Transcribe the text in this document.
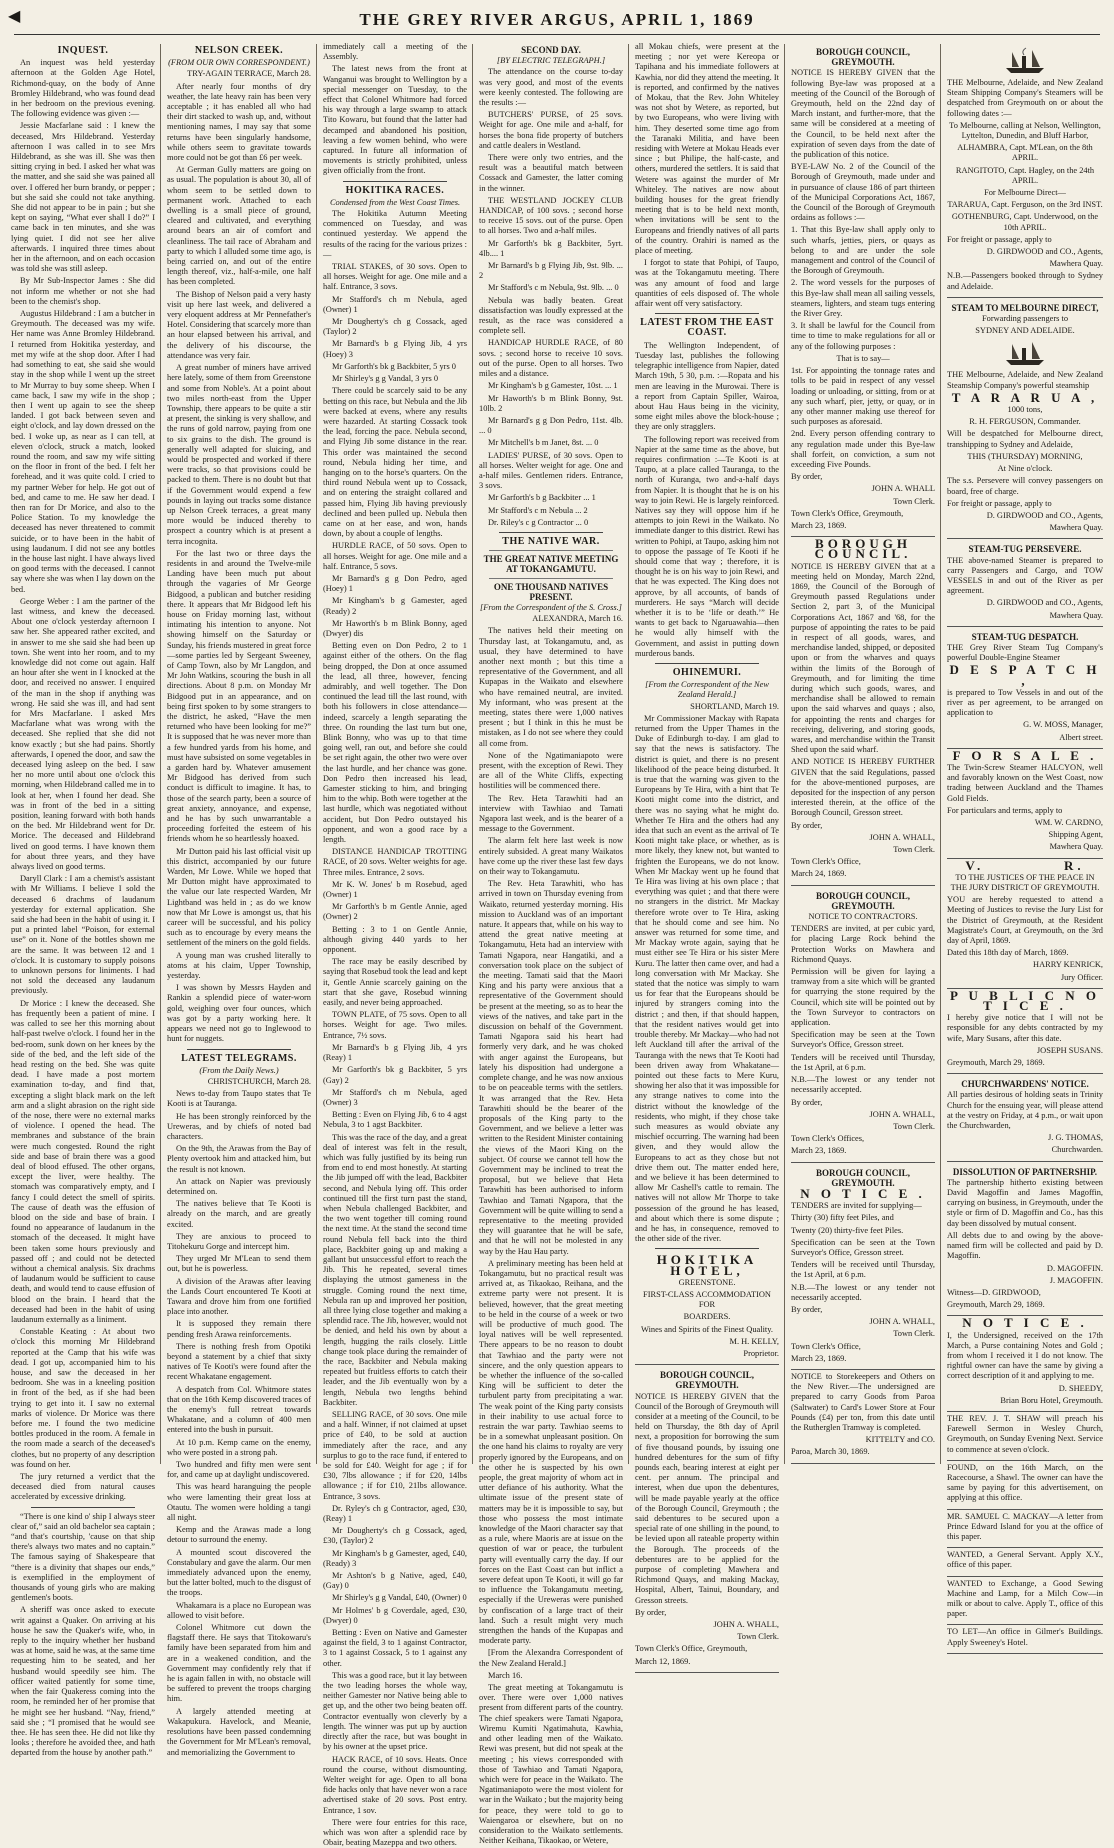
◀	THE GREY RIVER ARGUS, APRIL 1, 1869
INQUEST.

An inquest was held yesterday afternoon at the Golden Age Hotel, Richmond-quay, on the body of Anne Bromley Hildebrand, who was found dead in her bedroom on the previous evening. The following evidence was given :—

Jessie Macfarlane said : I knew the deceased, Mrs Hildebrand. Yesterday afternoon I was called in to see Mrs Hildebrand, as she was ill. She was then sitting crying in bed. I asked her what was the matter, and she said she was pained all over. I offered her burn brandy, or pepper ; but she said she could not take anything. She did not appear to be in pain ; but she kept on saying, “What ever shall I do?” I came back in ten minutes, and she was lying quiet. I did not see her alive afterwards. I inquired three times about her in the afternoon, and on each occasion was told she was still asleep.

By Mr Sub-Inspector James : She did not inform me whether or not she had been to the chemist's shop.

Augustus Hildebrand : I am a butcher in Greymouth. The deceased was my wife. Her name was Anne Bromley Hildebrand. I returned from Hokitika yesterday, and met my wife at the shop door. After I had had something to eat, she said she would stay in the shop while I went up the street to Mr Murray to buy some sheep. When I came back, I saw my wife in the shop ; then I went up again to see the sheep landed. I got back between seven and eight o'clock, and lay down dressed on the bed. I woke up, as near as I can tell, at eleven o'clock, struck a match, looked round the room, and saw my wife sitting on the floor in front of the bed. I felt her forehead, and it was quite cold. I cried to my partner Weber for help. He got out of bed, and came to me. He saw her dead. I then ran for Dr Morice, and also to the Police Station. To my knowledge the deceased has never threatened to commit suicide, or to have been in the habit of using laudanum. I did not see any bottles in the house last night. I have always lived on good terms with the deceased. I cannot say where she was when I lay down on the bed.

George Weber : I am the partner of the last witness, and knew the deceased. About one o'clock yesterday afternoon I saw her. She appeared rather excited, and in answer to me she said she had been up town. She went into her room, and to my knowledge did not come out again. Half an hour after she went in I knocked at the door, and received no answer. I enquired of the man in the shop if anything was wrong. He said she was ill, and had sent for Mrs Macfarlane. I asked Mrs Macfarlane what was wrong with the deceased. She replied that she did not know exactly ; but she had pains. Shortly afterwards, I opened the door, and saw the deceased lying asleep on the bed. I saw her no more until about one o'clock this morning, when Hildebrand called me in to look at her, when I found her dead. She was in front of the bed in a sitting position, leaning forward with both hands on the bed. Mr Hildebrand went for Dr. Morice. The deceased and Hildebrand lived on good terms. I have known them for about three years, and they have always lived on good terms.

Daryll Clark : I am a chemist's assistant with Mr Williams. I believe I sold the deceased 6 drachms of laudanum yesterday for external application. She said she had been in the habit of using it. I put a printed label “Poison, for external use” on it. None of the bottles shown me are the same. It was between 12 and 1 o'clock. It is customary to supply poisons to unknown persons for liniments. I had not sold the deceased any laudanum previously.

Dr Morice : I knew the deceased. She has frequently been a patient of mine. I was called to see her this morning about half-past twelve o'clock. I found her in the bed-room, sunk down on her knees by the side of the bed, and the left side of the head resting on the bed. She was quite dead. I have made a post mortem examination to-day, and find that, excepting a slight black mark on the left arm and a slight abrasion on the right side of the nose, there were no external marks of violence. I opened the head. The membranes and substance of the brain were much congested. Round the right side and base of brain there was a good deal of blood effused. The other organs, except the liver, were healthy. The stomach was comparatively empty, and I fancy I could detect the smell of spirits. The cause of death was the effusion of blood on the side and base of brain. I found no appearance of laudanum in the stomach of the deceased. It might have been taken some hours previously and passed off ; and could not be detected without a chemical analysis. Six drachms of laudanum would be sufficient to cause death, and would tend to cause effusion of blood on the brain. I heard that the deceased had been in the habit of using laudanum externally as a liniment.

Constable Keating : At about two o'clock this morning Mr Hildebrand reported at the Camp that his wife was dead. I got up, accompanied him to his house, and saw the deceased in her bedroom. She was in a kneeling position in front of the bed, as if she had been trying to get into it. I saw no external marks of violence. Dr Morice was there before me. I found the two medicine bottles produced in the room. A female in the room made a search of the deceased's clothes, but no property of any description was found on her.

The jury returned a verdict that the deceased died from natural causes accelerated by excessive drinking.

“There is one kind o' ship I always steer clear of,” said an old bachelor sea captain ; “and that's courtship, 'cause on that ship there's always two mates and no captain.” The famous saying of Shakespeare that “there is a divinity that shapes our ends,” is exemplified in the employment of thousands of young girls who are making gentlemen's boots.

A sheriff was once asked to execute writ against a Quaker. On arriving at his house he saw the Quaker's wife, who, in reply to the inquiry whether her husband was at home, said he was, at the same time requesting him to be seated, and her husband would speedily see him. The officer waited patiently for some time, when the fair Quakeress coming into the room, he reminded her of her promise that he might see her husband. “Nay, friend,” said she ; “I promised that he would see thee. He has seen thee. He did not like thy looks ; therefore he avoided thee, and hath departed from the house by another path.”

NELSON CREEK.
(FROM OUR OWN CORRESPONDENT.)

TRY-AGAIN TERRACE, March 28.

After nearly four months of dry weather, the late heavy rain has been very acceptable ; it has enabled all who had their dirt stacked to wash up, and, without mentioning names, I may say that some returns have been singularly handsome, while others seem to gravitate towards more could not be got than £6 per week.

At German Gully matters are going on as usual. The population is about 30, all of whom seem to be settled down to permanent work. Attached to each dwelling is a small piece of ground, cleared and cultivated, and everything around bears an air of comfort and cleanliness. The tail race of Abraham and party to which I alluded some time ago, is being carried on, and out of the entire length thereof, viz., half-a-mile, one half has been completed.

The Bishop of Nelson paid a very hasty visit up here last week, and delivered a very eloquent address at Mr Pennefather's Hotel. Considering that scarcely more than an hour elapsed between his arrival, and the delivery of his discourse, the attendance was very fair.

A great number of miners have arrived here lately, some of them from Greenstone and some from Noble's. At a point about two miles north-east from the Upper Township, there appears to be quite a stir at present, the sinking is very shallow, and the runs of gold narrow, paying from one to six grains to the dish. The ground is generally well adapted for sluicing, and would be prospected and worked if there were tracks, so that provisions could be packed to them. There is no doubt but that if the Government would expend a few pounds in laying out tracks some distance up Nelson Creek terraces, a great many more would be induced thereby to prospect a country which is at present a terra incognita.

For the last two or three days the residents in and around the Twelve-mile Landing have been much put about through the vagaries of Mr George Bidgood, a publican and butcher residing there. It appears that Mr Bidgood left his house on Friday morning last, without intimating his intention to anyone. Not showing himself on the Saturday or Sunday, his friends mustered in great force—some parties led by Sergeant Sweeney, of Camp Town, also by Mr Langdon, and Mr John Watkins, scouring the bush in all directions. About 8 p.m. on Monday Mr Bidgood put in an appearance, and on being first spoken to by some strangers to the district, he asked, “Have the men returned who have been looking for me?” It is supposed that he was never more than a few hundred yards from his home, and must have subsisted on some vegetables in a garden hard by. Whatever amusement Mr Bidgood has derived from such conduct is difficult to imagine. It has, to those of the search party, been a source of great anxiety, annoyance, and expense, and he has by such unwarrantable a proceeding forfeited the esteem of his friends whom he so heartlessly hoaxed.

Mr Dutton paid his last official visit up this district, accompanied by our future Warden, Mr Lowe. While we hoped that Mr Dutton might have approximated to the value our late respected Warden, Mr Lightband was held in ; as do we know now that Mr Lowe is amongst us, that his career will be successful, and his policy such as to encourage by every means the settlement of the miners on the gold fields.

A young man was crushed literally to atoms at his claim, Upper Township, yesterday.

I was shown by Messrs Hayden and Rankin a splendid piece of water-worn gold, weighing over four ounces, which was got by a party working here. It appears we need not go to Inglewood to hunt for nuggets.

LATEST TELEGRAMS.
(From the Daily News.)

CHRISTCHURCH, March 28.

News to-day from Taupo states that Te Kooti is at Tauranga.

He has been strongly reinforced by the Ureweras, and by chiefs of noted bad characters.

On the 9th, the Arawas from the Bay of Plenty overtook him and attacked him, but the result is not known.

An attack on Napier was previously determined on.

The natives believe that Te Kooti is already on the march, and are greatly excited.

They are anxious to proceed to Titohekuru Gorge and intercept him.

They urged Mr M'Lean to send them out, but he is powerless.

A division of the Arawas after leaving the Lands Court encountered Te Kooti at Tawara and drove him from one fortified place into another.

It is supposed they remain there pending fresh Arawa reinforcements.

There is nothing fresh from Opotiki beyond a statement by a chief that sixty natives of Te Kooti's were found after the recent Whakatane engagement.

A despatch from Col. Whitmore states that on the 16th Kemp discovered traces of the enemy's full retreat towards Whakatane, and a column of 400 men entered into the bush in pursuit.

At 10 p.m. Kemp came on the enemy, who were posted in a strong pah.

Two hundred and fifty men were sent for, and came up at daylight undiscovered.

This was heard haranguing the people who were lamenting their great loss at Otautu. The women were holding a tangi all night.

Kemp and the Arawas made a long detour to surround the enemy.

A mounted scout discovered the Constabulary and gave the alarm. Our men immediately advanced upon the enemy, but the latter bolted, much to the disgust of the troops.

Whakamara is a place no European was allowed to visit before.

Colonel Whitmore cut down the flagstaff there. He says that Titokowaru's family have been separated from him and are in a weakened condition, and the Government may confidently rely that if he is again fallen in with, no obstacle will be suffered to prevent the troops charging him.

A largely attended meeting at Wakapukura. Havelock, and Meanie, resolutions have been passed condemning the Government for Mr M'Lean's removal, and memorializing the Government to

immediately call a meeting of the Assembly.

The latest news from the front at Wanganui was brought to Wellington by a special messenger on Tuesday, to the effect that Colonel Whitmore had forced his way through a large swamp to attack Tito Kowaru, but found that the latter had decamped and abandoned his position, leaving a few women behind, who were captured. In future all information of movements is strictly prohibited, unless given officially from the front.

HOKITIKA RACES.
Condensed from the West Coast Times.

The Hokitika Autumn Meeting commenced on Tuesday, and was continued yesterday. We append the results of the racing for the various prizes :—

TRIAL STAKES, of 30 sovs. Open to all horses. Weight for age. One mile and a half. Entrance, 3 sovs.

Mr Stafford's ch m Nebula, aged (Owner) 1

Mr Dougherty's ch g Cossack, aged (Taylor) 2

Mr Barnard's b g Flying Jib, 4 yrs (Hoey) 3

Mr Garforth's bk g Backbiter, 5 yrs 0

Mr Shirley's g g Vandal, 3 yrs 0

There could be scarcely said to be any betting on this race, but Nebula and the Jib were backed at evens, where any results were hazarded. At starting Cossack took the lead, forcing the pace. Nebula second, and Flying Jib some distance in the rear. This order was maintained the second round, Nebula hiding her time, and hanging on to the horse's quarters. On the third round Nebula went up to Cossack, and on entering the straight collared and passed him, Flying Jib having previously declined and been pulled up. Nebula then came on at her ease, and won, hands down, by about a couple of lengths.

HURDLE RACE, of 50 sovs. Open to all horses. Weight for age. One mile and a half. Entrance, 5 sovs.

Mr Barnard's g g Don Pedro, aged (Hoey) 1

Mr Kingham's b g Gamester, aged (Ready) 2

Mr Haworth's b m Blink Bonny, aged (Dwyer) dis

Betting even on Don Pedro, 2 to 1 against either of the others. On the flag being dropped, the Don at once assumed the lead, all three, however, fencing admirably, and well together. The Don continued the lead till the last round, with both his followers in close attendance—indeed, scarcely a length separating the three. On rounding the last turn but one, Blink Bonny, who was up to that time going well, ran out, and before she could be set right again, the other two were over the last hurdle, and her chance was gone. Don Pedro then increased his lead, Gamester sticking to him, and bringing him to the whip. Both were together at the last hurdle, which was negotiated without accident, but Don Pedro outstayed his opponent, and won a good race by a length.

DISTANCE HANDICAP TROTTING RACE, of 20 sovs. Welter weights for age. Three miles. Entrance, 2 sovs.

Mr K. W. Jones' b m Rosebud, aged (Owner) 1

Mr Garforth's b m Gentle Annie, aged (Owner) 2

Betting : 3 to 1 on Gentle Annie, although giving 440 yards to her opponent.

The race may be easily described by saying that Rosebud took the lead and kept it, Gentle Annie scarcely gaining on the start that she gave, Rosebud winning easily, and never being approached.

TOWN PLATE, of 75 sovs. Open to all horses. Weight for age. Two miles. Entrance, 7½ sovs.

Mr Barnard's b g Flying Jib, 4 yrs (Reay) 1

Mr Garforth's bk g Backbiter, 5 yrs (Gay) 2

Mr Stafford's ch m Nebula, aged (Owner) 3

Betting : Even on Flying Jib, 6 to 4 agst Nebula, 3 to 1 agst Backbiter.

This was the race of the day, and a great deal of interest was felt in the result, which was fully justified by its being run from end to end most honestly. At starting the Jib jumped off with the lead, Backbiter second, and Nebula lying off. This order continued till the first turn past the stand, when Nebula challenged Backbiter, and the two went together till coming round the next time. At the stand the second time round Nebula fell back into the third place, Backbiter going up and making a gallant but unsuccessful effort to reach the Jib. This he repeated, several times displaying the utmost gameness in the struggle. Coming round the next time, Nebula ran up and improved her position, all three lying close together and making a splendid race. The Jib, however, would not be denied, and held his own by about a length, hugging the rails closely. Little change took place during the remainder of the race, Backbiter and Nebula making repeated but fruitless efforts to catch their leader, and the Jib eventually won by a length, Nebula two lengths behind Backbiter.

SELLING RACE, of 30 sovs. One mile and a half. Winner, if not claimed at upset price of £40, to be sold at auction immediately after the race, and any surplus to go to the race fund, if entered to be sold for £40. Weight for age ; if for £30, 7lbs allowance ; if for £20, 14lbs allowance ; if for £10, 21lbs allowance. Entrance, 3 sovs.

Dr. Ryley's ch g Contractor, aged, £30, (Reay) 1

Mr Dougherty's ch g Cossack, aged, £30, (Taylor) 2

Mr Kingham's b g Gamester, aged, £40, (Ready) 3

Mr Ashton's b g Native, aged, £40, (Gay) 0

Mr Shirley's g g Vandal, £40, (Owner) 0

Mr Holmes' b g Coverdale, aged, £30, (Dwyer) 0

Betting : Even on Native and Gamester against the field, 3 to 1 against Contractor, 3 to 1 against Cossack, 5 to 1 against any other.

This was a good race, but it lay between the two leading horses the whole way, neither Gamester nor Native being able to get up, and the other two being beaten off. Contractor eventually won cleverly by a length. The winner was put up by auction directly after the race, but was bought in by his owner at the upset price.

HACK RACE, of 10 sovs. Heats. Once round the course, without dismounting. Welter weight for age. Open to all bona fide hacks only that have never won a race advertised stake of 20 sovs. Post entry. Entrance, 1 sov.

There were four entries for this race, which was won after a splendid race by Obair, beating Mazeppa and two others.

SECOND DAY.
[BY ELECTRIC TELEGRAPH.]

The attendance on the course to-day was very good, and most of the events were keenly contested. The following are the results :—

BUTCHERS' PURSE, of 25 sovs. Weight for age. One mile and a-half, for horses the bona fide property of butchers and cattle dealers in Westland.

There were only two entries, and the result was a beautiful match between Cossack and Gamester, the latter coming in the winner.

THE WESTLAND JOCKEY CLUB HANDICAP, of 100 sovs. ; second horse to receive 15 sovs. out of the purse. Open to all horses. Two and a-half miles.

Mr Garforth's bk g Backbiter, 5yrt. 4lb.... 1

Mr Barnard's b g Flying Jib, 9st. 9lb. ... 2

Mr Stafford's c m Nebula, 9st. 9lb. ... 0

Nebula was badly beaten. Great dissatisfaction was loudly expressed at the result, as the race was considered a complete sell.

HANDICAP HURDLE RACE, of 80 sovs. ; second horse to receive 10 sovs. out of the purse. Open to all horses. Two miles and a distance.

Mr Kingham's b g Gamester, 10st. ... 1

Mr Haworth's b m Blink Bonny, 9st. 10lb. 2

Mr Barnard's g g Don Pedro, 11st. 4lb. ... 0

Mr Mitchell's b m Janet, 8st. ... 0

LADIES' PURSE, of 30 sovs. Open to all horses. Welter weight for age. One and a-half miles. Gentlemen riders. Entrance, 3 sovs.

Mr Garforth's b g Backbiter ... 1

Mr Stafford's c m Nebula ... 2

Dr. Riley's c g Contractor ... 0

THE NATIVE WAR.
THE GREAT NATIVE MEETING AT TOKANGAMUTU.
ONE THOUSAND NATIVES PRESENT.
[From the Correspondent of the S. Cross.]

ALEXANDRA, March 16.

The natives held their meeting on Thursday last, at Tokangamutu, and, as usual, they have determined to have another next month ; but this time a representative of the Government, and all Kupapas in the Waikato and elsewhere who have remained neutral, are invited. My informant, who was present at the meeting, states there were 1,000 natives present ; but I think in this he must be mistaken, as I do not see where they could all come from.

None of the Ngatimaniapoto were present, with the exception of Rewi. They are all of the White Cliffs, expecting hostilities will be commenced there.

The Rev. Heta Tarawhiti had an interview with Tawhiao and Tamati Ngapora last week, and is the bearer of a message to the Government.

The alarm felt here last week is now entirely subsided. A great many Waikatos have come up the river these last few days on their way to Tokangamutu.

The Rev. Heta Tarawhiti, who has arrived in town on Thursday evening from Waikato, returned yesterday morning. His mission to Auckland was of an important nature. It appears that, while on his way to attend the great native meeting at Tokangamutu, Heta had an interview with Tamati Ngapora, near Hangatiki, and a conversation took place on the subject of the meeting. Tamati said that the Maori King and his party were anxious that a representative of the Government should be present at the meeting, so as to hear the views of the natives, and take part in the discussion on behalf of the Government. Tamati Ngapora said his heart had formerly very dark, and he was choked with anger against the Europeans, but lately his disposition had undergone a complete change, and he was now anxious to be on peaceable terms with the settlers. It was arranged that the Rev. Heta Tarawhiti should be the bearer of the proposals of the King party to the Government, and we believe a letter was written to the Resident Minister containing the views of the Maori King on the subject. Of course we cannot tell how the Government may be inclined to treat the proposal, but we believe that Heta Tarawhiti has been authorised to inform Tawhiao and Tamati Ngapora, that the Government will be quite willing to send a representative to the meeting provided they will guarantee that he will be safe, and that he will not be molested in any way by the Hau Hau party.

A preliminary meeting has been held at Tokangamutu, but no practical result was arrived at, as Tikaokao, Reihana, and the extreme party were not present. It is believed, however, that the great meeting to be held in the course of a week or two will be productive of much good. The loyal natives will be well represented. There appears to be no reason to doubt that Tawhiao and the party were not sincere, and the only question appears to be whether the influence of the so-called King will be sufficient to deter the turbulent party from precipitating a war. The weak point of the King party consists in their inability to use actual force to restrain the war party. Tawhiao seems to be in a somewhat unpleasant position. On the one hand his claims to royalty are very properly ignored by the Europeans, and on the other he is suspected by his own people, the great majority of whom act in utter defiance of his authority. What the ultimate issue of the present state of matters may be it is impossible to say, but those who possess the most intimate knowledge of the Maori character say that as a rule, where Maoris are at issue on the question of war or peace, the turbulent party will eventually carry the day. If our forces on the East Coast can but inflict a severe defeat upon Te Kooti, it will go far to influence the Tokangamutu meeting, especially if the Ureweras were punished by confiscation of a large tract of their land. Such a result might very much strengthen the hands of the Kupapas and moderate party.

[From the Alexandra Correspondent of the New Zealand Herald.]

March 16.

The great meeting at Tokangamutu is over. There were over 1,000 natives present from different parts of the country. The chief speakers were Tamati Ngapora, Wiremu Kumiti Ngatimahuta, Kawhia, and other leading men of the Waikato. Rewi was present, but did not speak at the meeting ; his views corresponded with those of Tawhiao and Tamati Ngapora, which were for peace in the Waikato. The Ngatimaniapoto were the most violent for war in the Waikato ; but the majority being for peace, they were told to go to Waiengaroa or elsewhere, but on no consideration to the Waikato settlements. Neither Keihana, Tikaokao, or Wetere,

all Mokau chiefs, were present at the meeting ; nor yet were Kereopa or Tapihana and his immediate followers at Kawhia, nor did they attend the meeting. It is reported, and confirmed by the natives of Mokau, that the Rev. John Whiteley was not shot by Wetere, as reported, but by two Europeans, who were living with him. They deserted some time ago from the Taranaki Militia, and have been residing with Wetere at Mokau Heads ever since ; but Philipe, the half-caste, and others, murdered the settlers. It is said that Wetere was against the murder of Mr Whiteley. The natives are now about building houses for the great friendly meeting that is to be held next month, when invitations will be sent to the Europeans and friendly natives of all parts of the country. Orahiri is named as the place of meeting.

I forgot to state that Pohipi, of Taupo, was at the Tokangamutu meeting. There was any amount of food and large quantities of eels disposed of. The whole affair went off very satisfactory.

LATEST FROM THE EAST COAST.

The Wellington Independent, of Tuesday last, publishes the following telegraphic intelligence from Napier, dated March 19th, 5 30, p.m. :—Ropata and his men are leaving in the Murowai. There is a report from Captain Spiller, Wairoa, about Hau Haus being in the vicinity, some eight miles above the block-house ; they are only stragglers.

The following report was received from Napier at the same time as the above, but requires confirmation :—Te Kooti is at Taupo, at a place called Tauranga, to the north of Kuranga, two and-a-half days from Napier. It is thought that he is on his way to join Rewi. He is largely reinforced. Natives say they will oppose him if he attempts to join Rewi in the Waikato. No immediate danger to this district. Rewi has written to Pohipi, at Taupo, asking him not to oppose the passage of Te Kooti if he should come that way ; therefore, it is thought he is on his way to join Rewi, and that he was expected. The King does not approve, by all accounts, of bands of murderers. He says “March will decide whether it is to be ‘life or death.’” He wants to get back to Ngaruawahia—then he would ally himself with the Government, and assist in putting down murderous bands.

OHINEMURI.
[From the Correspondent of the New Zealand Herald.]

SHORTLAND, March 19.

Mr Commissioner Mackay with Rapata returned from the Upper Thames in the Duke of Edinburgh to-day. I am glad to say that the news is satisfactory. The district is quiet, and there is no present likelihood of the peace being disturbed. It is true that the warning was given to the Europeans by Te Hira, with a hint that Te Kooti might come into the district, and there was no saying what he might do. Whether Te Hira and the others had any idea that such an event as the arrival of Te Kooti might take place, or whether, as is more likely, they knew not, but wanted to frighten the Europeans, we do not know. When Mr Mackay went up he found that Te Hira was living at his own place ; that everything was quiet ; and that there were no strangers in the district. Mr Mackay therefore wrote over to Te Hira, asking that he should come and see him. No answer was returned for some time, and Mr Mackay wrote again, saying that he must either see Te Hira or his sister Mere Kuru. The latter then came over, and had a long conversation with Mr Mackay. She stated that the notice was simply to warn us for fear that the Europeans should be injured by strangers coming into the district ; and then, if that should happen, that the resident natives would get into trouble thereby. Mr Mackay—who had not left Auckland till after the arrival of the Tauranga with the news that Te Kooti had been driven away from Whakatane—pointed out these facts to Mere Kuru, showing her also that it was impossible for any strange natives to come into the district without the knowledge of the residents, who might, if they chose take such measures as would obviate any mischief occurring. The warning had been given, and they would allow the Europeans to act as they chose but not drive them out. The matter ended here, and we believe it has been determined to allow Mr Cashell's cattle to remain. The natives will not allow Mr Thorpe to take possession of the ground he has leased, and about which there is some dispute ; and he has, in consequence, removed to the other side of the river.

HOKITIKA HOTEL,

GREENSTONE.

FIRST-CLASS ACCOMMODATION FOR

BOARDERS.

Wines and Spirits of the Finest Quality.

M. H. KELLY,

Proprietor.

BOROUGH COUNCIL, GREYMOUTH.

NOTICE IS HEREBY GIVEN that the Council of the Borough of Greymouth will consider at a meeting of the Council, to be held on Thursday, the 8th day of April next, a proposition for borrowing the sum of five thousand pounds, by issuing one hundred debentures for the sum of fifty pounds each, bearing interest at eight per cent. per annum. The principal and interest, when due upon the debentures, will be made payable yearly at the office of the Borough Council, Greymouth ; the said debentures to be secured upon a special rate of one shilling in the pound, to be levied upon all rateable property within the Borough. The proceeds of the debentures are to be applied for the purpose of completing Mawhera and Richmond Quays, and making Mackay, Hospital, Albert, Tainui, Boundary, and Gresson streets.

By order,

JOHN A. WHALL,

Town Clerk.

Town Clerk's Office, Greymouth,

March 12, 1869.

BOROUGH COUNCIL, GREYMOUTH.

NOTICE IS HEREBY GIVEN that the following Bye-law was proposed at a meeting of the Council of the Borough of Greymouth, held on the 22nd day of March instant, and further-more, that the same will be considered at a meeting of the Council, to be held next after the expiration of seven days from the date of the publication of this notice.

BYE-LAW No. 2 of the Council of the Borough of Greymouth, made under and in pursuance of clause 186 of part thirteen of the Municipal Corporations Act, 1867, the Council of the Borough of Greymouth ordains as follows :—

1. That this Bye-law shall apply only to such wharfs, jetties, piers, or quays as belong to and are under the sole management and control of the Council of the Borough of Greymouth.

2. The word vessels for the purposes of this Bye-law shall mean all sailing vessels, steamers, lighters, and steam tugs entering the River Grey.

3. It shall be lawful for the Council from time to time to make regulations for all or any of the following purposes :

That is to say—

1st. For appointing the tonnage rates and tolls to be paid in respect of any vessel loading or unloading, or sitting, from or at any such wharf, pier, jetty, or quay, or in any other manner making use thereof for such purposes as aforesaid.

2nd. Every person offending contrary to any regulation made under this Bye-law shall forfeit, on conviction, a sum not exceeding Five Pounds.

By order,

JOHN A. WHALL

Town Clerk.

Town Clerk's Office, Greymouth,

March 23, 1869.

BOROUGH COUNCIL.

NOTICE IS HEREBY GIVEN that at a meeting held on Monday, March 22nd, 1869, the Council of the Borough of Greymouth passed Regulations under Section 2, part 3, of the Municipal Corporations Act, 1867 and '68, for the purpose of appointing the rates to be paid in respect of all goods, wares, and merchandise landed, shipped, or deposited upon or from the wharves and quays within the limits of the Borough of Greymouth, and for limiting the time during which such goods, wares, and merchandise shall be allowed to remain upon the said wharves and quays ; also, for appointing the rents and charges for receiving, delivering, and storing goods, wares, and merchandise within the Transit Shed upon the said wharf.

AND NOTICE IS HEREBY FURTHER GIVEN that the said Regulations, passed for the above-mentioned purposes, are deposited for the inspection of any person interested therein, at the office of the Borough Council, Gresson street.

By order,

JOHN A. WHALL,

Town Clerk.

Town Clerk's Office,

March 24, 1869.

BOROUGH COUNCIL, GREYMOUTH.

NOTICE TO CONTRACTORS.

TENDERS are invited, at per cubic yard, for placing Large Rock behind the Protection Works on Mawhera and Richmond Quays.

Permission will be given for laying a tramway from a site which will be granted for quarrying the stone required by the Council, which site will be pointed out by the Town Surveyor to contractors on application.

Specification may be seen at the Town Surveyor's Office, Gresson street.

Tenders will be received until Thursday, the 1st April, at 6 p.m.

N.B.—The lowest or any tender not necessarily accepted.

By order,

JOHN A. WHALL,

Town Clerk.

Town Clerk's Offices,

March 23, 1869.

BOROUGH COUNCIL, GREYMOUTH.

N O T I C E .

TENDERS are invited for supplying—

Thirty (30) fifty feet Piles, and

Twenty (20) thirty-five feet Piles.

Specification can be seen at the Town Surveyor's Office, Gresson street.

Tenders will be received until Thursday, the 1st April, at 6 p.m.

N.B.—The lowest or any tender not necessarily accepted.

By order,

JOHN A. WHALL,

Town Clerk.

Town Clerk's Office,

March 23, 1869.

NOTICE to Storekeepers and Others on the New River.—The undersigned are prepared to carry Goods from Paroa (Saltwater) to Card's Lower Store at Four Pounds (£4) per ton, from this date until the Rutherglen Tramway is completed.

KITTELTY and CO.

Paroa, March 30, 1869.

THE Melbourne, Adelaide, and New Zealand Steam Shipping Company's Steamers will be despatched from Greymouth on or about the following dates :—

To Melbourne, calling at Nelson, Wellington, Lyttelton, Dunedin, and Bluff Harbor,

ALHAMBRA, Capt. M'Lean, on the 8th APRIL.

RANGITOTO, Capt. Hagley, on the 24th APRIL.

For Melbourne Direct—

TARARUA, Capt. Ferguson, on the 3rd INST.

GOTHENBURG, Capt. Underwood, on the 10th APRIL.

For freight or passage, apply to

D. GIRDWOOD and CO., Agents,

Mawhera Quay.

N.B.—Passengers booked through to Sydney and Adelaide.

STEAM TO MELBOURNE DIRECT,

Forwarding passengers to

SYDNEY AND ADELAIDE.

THE Melbourne, Adelaide, and New Zealand Steamship Company's powerful steamship

T A R A R U A ,

1000 tons,

R. H. FERGUSON, Commander.

Will be despatched for Melbourne direct, transhipping to Sydney and Adelaide,

THIS (THURSDAY) MORNING,

At Nine o'clock.

The s.s. Persevere will convey passengers on board, free of charge.

For freight or passage, apply to

D. GIRDWOOD and CO., Agents,

Mawhera Quay.

STEAM-TUG PERSEVERE.

THE above-named Steamer is prepared to carry Passengers and Cargo, and TOW VESSELS in and out of the River as per agreement.

D. GIRDWOOD and CO., Agents,

Mawhera Quay.

STEAM-TUG DESPATCH.

THE Grey River Steam Tug Company's powerful Double-Engine Steamer

D E S P A T C H ,

is prepared to Tow Vessels in and out of the river as per agreement, to be arranged on application to

G. W. MOSS, Manager,

Albert street.

F O R S A L E .

The Twin-Screw Steamer HALCYON, well and favorably known on the West Coast, now trading between Auckland and the Thames Gold Fields.

For particulars and terms, apply to

WM. W. CARDNO,

Shipping Agent,

Mawhera Quay.

V.           R.

TO THE JUSTICES OF THE PEACE IN THE JURY DISTRICT OF GREYMOUTH.

YOU are hereby requested to attend a Meeting of Justices to revise the Jury List for the District of Greymouth, at the Resident Magistrate's Court, at Greymouth, on the 3rd day of April, 1869.

Dated this 18th day of March, 1869.

HARRY KENRICK,

Jury Officer.

P U B L I C N O T I C E .

I hereby give notice that I will not be responsible for any debts contracted by my wife, Mary Susans, after this date.

JOSEPH SUSANS.

Greymouth, March 29, 1869.

CHURCHWARDENS' NOTICE.

All parties desirous of holding seats in Trinity Church for the ensuing year, will please attend at the vestry on Friday, at 4 p.m., or wait upon the Churchwarden,

J. G. THOMAS,

Churchwarden.

DISSOLUTION OF PARTNERSHIP.

The partnership hitherto existing between David Magoffin and James Magoffin, carrying on business, in Greymouth, under the style or firm of D. Magoffin and Co., has this day been dissolved by mutual consent.

All debts due to and owing by the above-named firm will be collected and paid by D. Magoffin.

D. MAGOFFIN.

J. MAGOFFIN.

Witness—D. GIRDWOOD,

Greymouth, March 29, 1869.

N O T I C E .

I, the Undersigned, received on the 17th March, a Purse containing Notes and Gold ; from whom I received it I do not know. The rightful owner can have the same by giving a correct description of it and applying to me.

D. SHEEDY,

Brian Boru Hotel, Greymouth.

THE REV. J. T. SHAW will preach his Farewell Sermon in Wesley Church, Greymouth, on Sunday Evening Next. Service to commence at seven o'clock.

FOUND, on the 16th March, on the Racecourse, a Shawl. The owner can have the same by paying for this advertisement, on applying at this office.

MR. SAMUEL C. MACKAY—A letter from Prince Edward Island for you at the office of this paper.

WANTED, a General Servant. Apply X.Y., office of this paper.

WANTED to Exchange, a Good Sewing Machine and Lamp, for a Milch Cow—in milk or about to calve. Apply T., office of this paper.

TO LET—An office in Gilmer's Buildings. Apply Sweeney's Hotel.
